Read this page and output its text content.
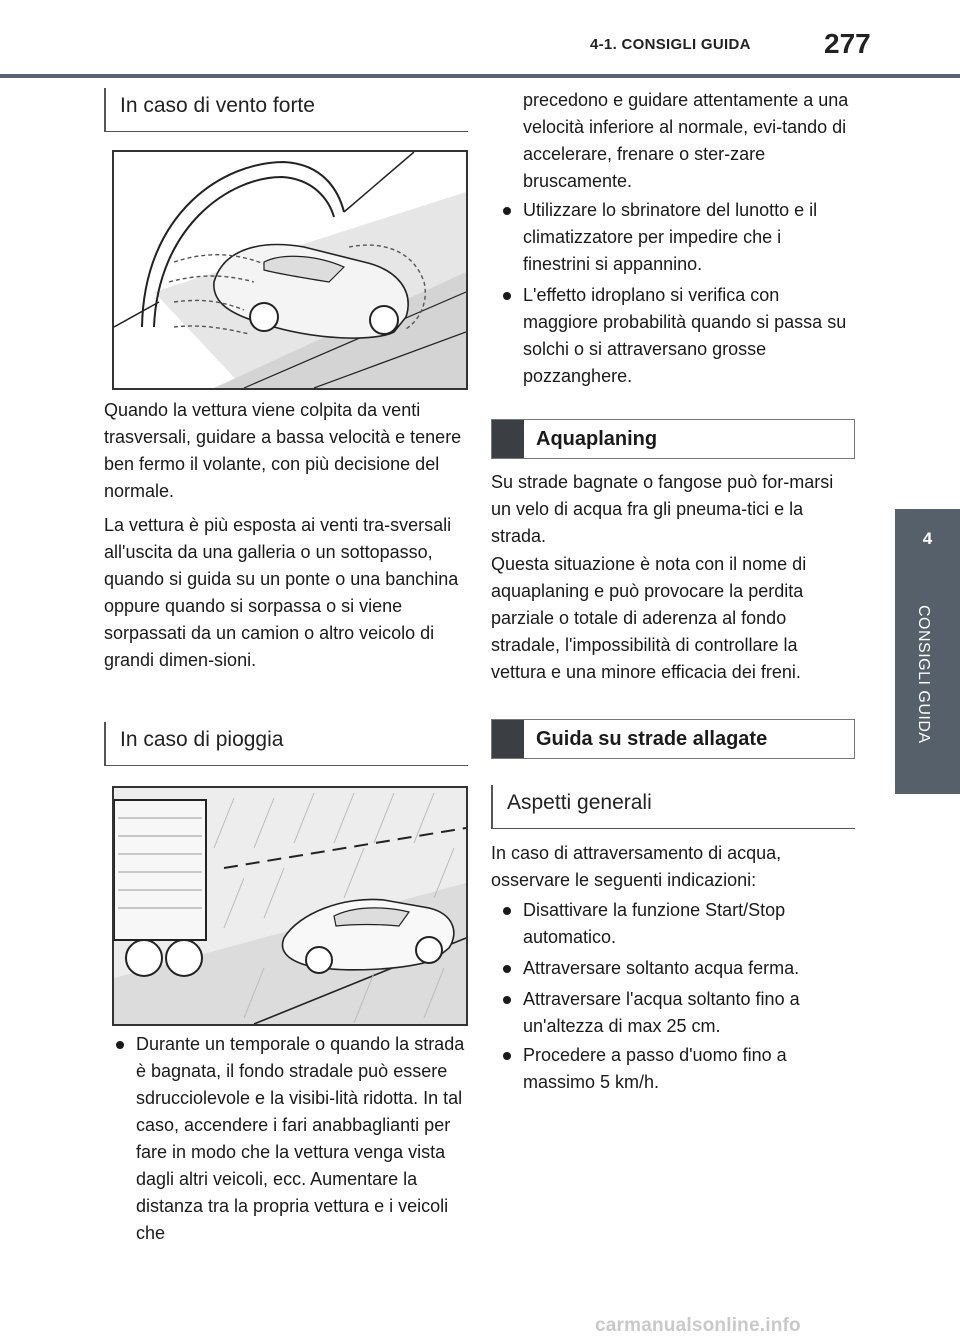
4-1. CONSIGLI GUIDA	277
4
CONSIGLI GUIDA
In caso di vento forte
Quando la vettura viene colpita da venti trasversali, guidare a bassa velocità e tenere ben fermo il volante, con più decisione del normale.
La vettura è più esposta ai venti tra-sversali all'uscita da una galleria o un sottopasso, quando si guida su un ponte o una banchina oppure quando si sorpassa o si viene sorpassati da un camion o altro veicolo di grandi dimen-sioni.
In caso di pioggia
Durante un temporale o quando la strada è bagnata, il fondo stradale può essere sdrucciolevole e la visibi-lità ridotta. In tal caso, accendere i fari anabbaglianti per fare in modo che la vettura venga vista dagli altri veicoli, ecc. Aumentare la distanza tra la propria vettura e i veicoli che
precedono e guidare attentamente a una velocità inferiore al normale, evi-tando di accelerare, frenare o ster-zare bruscamente.
Utilizzare lo sbrinatore del lunotto e il climatizzatore per impedire che i finestrini si appannino.
L'effetto idroplano si verifica con maggiore probabilità quando si passa su solchi o si attraversano grosse pozzanghere.
Aquaplaning
Su strade bagnate o fangose può for-marsi un velo di acqua fra gli pneuma-tici e la strada.
Questa situazione è nota con il nome di aquaplaning e può provocare la perdita parziale o totale di aderenza al fondo stradale, l'impossibilità di controllare la vettura e una minore efficacia dei freni.
Guida su strade allagate
Aspetti generali
In caso di attraversamento di acqua, osservare le seguenti indicazioni:
Disattivare la funzione Start/Stop automatico.
Attraversare soltanto acqua ferma.
Attraversare l'acqua soltanto fino a un'altezza di max 25 cm.
Procedere a passo d'uomo fino a massimo 5 km/h.
carmanualsonline.info
